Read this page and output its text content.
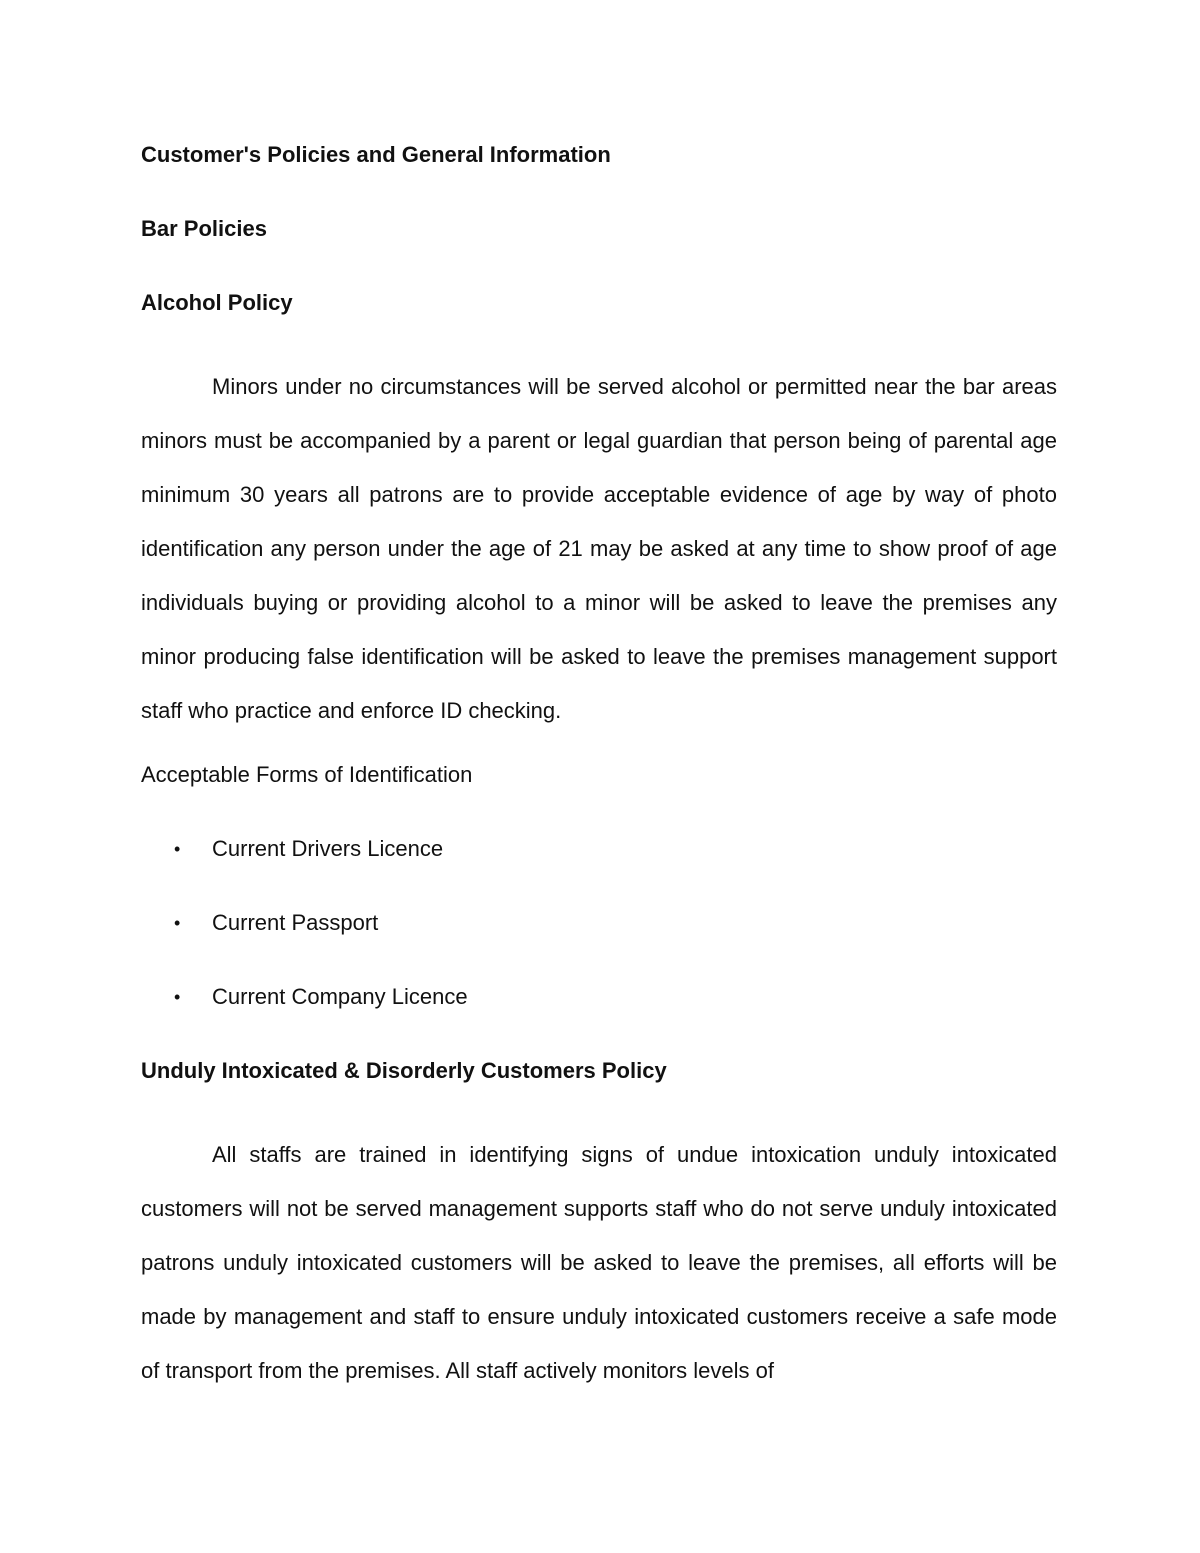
Customer's Policies and General Information
Bar Policies
Alcohol Policy

Minors under no circumstances will be served alcohol or permitted near the bar areas minors must be accompanied by a parent or legal guardian that person being of parental age minimum 30 years all patrons are to provide acceptable evidence of age by way of photo identification any person under the age of 21 may be asked at any time to show proof of age individuals buying or providing alcohol to a minor will be asked to leave the premises any minor producing false identification will be asked to leave the premises management support staff who practice and enforce ID checking.

Acceptable Forms of Identification
• Current Drivers Licence
• Current Passport
• Current Company Licence
Unduly Intoxicated & Disorderly Customers Policy

All staffs are trained in identifying signs of undue intoxication unduly intoxicated customers will not be served management supports staff who do not serve unduly intoxicated patrons unduly intoxicated customers will be asked to leave the premises, all efforts will be made by management and staff to ensure unduly intoxicated customers receive a safe mode of transport from the premises. All staff actively monitors levels of
